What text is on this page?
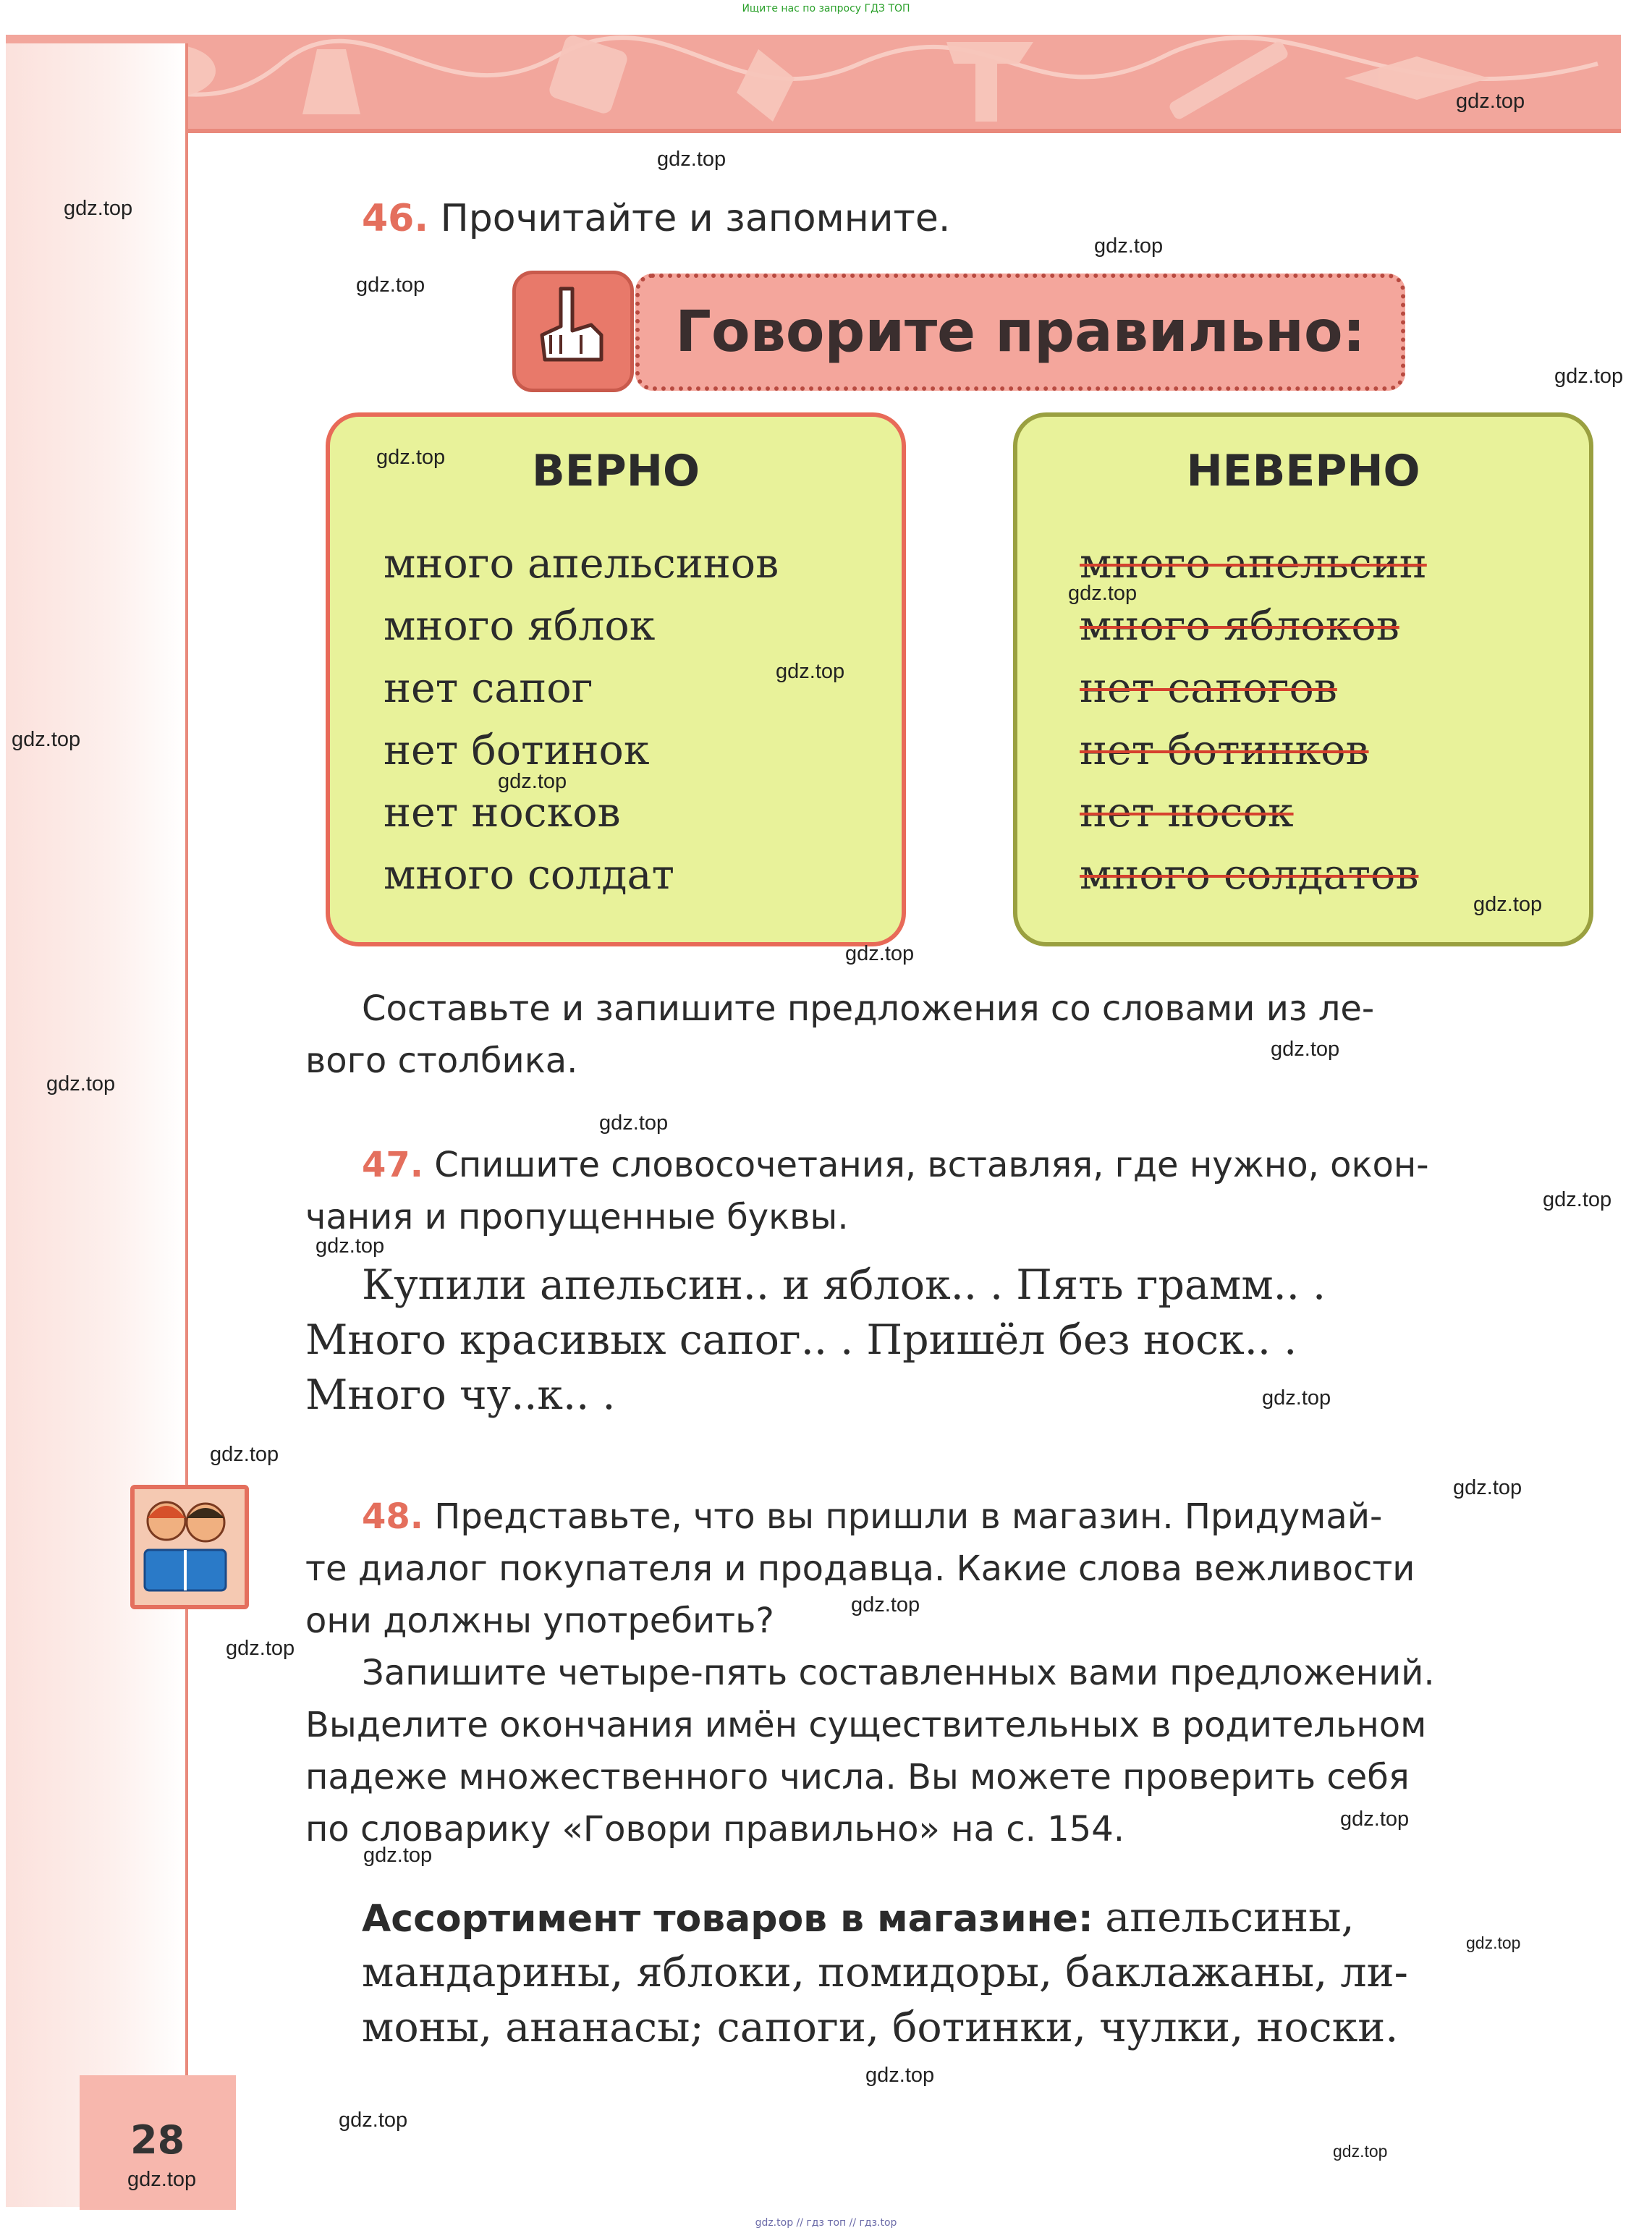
Ищите нас по запросу ГДЗ ТОП
28
46. Прочитайте и запомните.
Говорите правильно:
ВЕРНО
много апельсинов
много яблок
нет сапог
нет ботинок
нет носков
много солдат
НЕВЕРНО
много апельсин
много яблоков
нет сапогов
нет ботинков
нет носок
много солдатов
Составьте и запишите предложения со словами из ле-
вого столбика.
47. Спишите словосочетания, вставляя, где нужно, окон-
чания и пропущенные буквы.
Купили апельсин.. и яблок.. . Пять грамм.. .
Много красивых сапог.. . Пришёл без носк.. .
Много чу..к.. .
48. Представьте, что вы пришли в магазин. Придумай-
те диалог покупателя и продавца. Какие слова вежливости
они должны употребить?
Запишите четыре-пять составленных вами предложений.
Выделите окончания имён существительных в родительном
падеже множественного числа. Вы можете проверить себя
по словарику «Говори правильно» на с. 154.
Ассортимент товаров в магазине: апельсины,
мандарины, яблоки, помидоры, баклажаны, ли-
моны, ананасы; сапоги, ботинки, чулки, носки.
gdz.top
gdz.top
gdz.top
gdz.top
gdz.top
gdz.top
gdz.top
gdz.top
gdz.top
gdz.top
gdz.top
gdz.top
gdz.top
gdz.top
gdz.top
gdz.top
gdz.top
gdz.top
gdz.top
gdz.top
gdz.top
gdz.top
gdz.top
gdz.top
gdz.top
gdz.top
gdz.top
gdz.top
gdz.top
gdz.top
gdz.top // гдз топ // гдз.top
